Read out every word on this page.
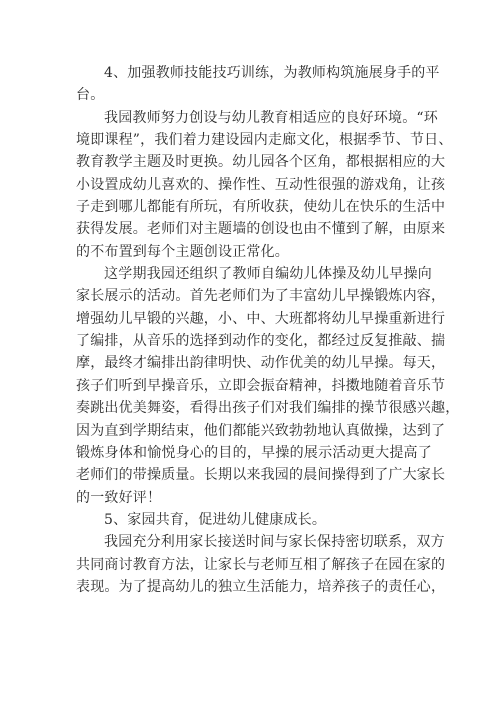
4、加强教师技能技巧训练，为教师构筑施展身手的平
台。
我园教师努力创设与幼儿教育相适应的良好环境。“环
境即课程”，我们着力建设园内走廊文化，根据季节、节日、
教育教学主题及时更换。幼儿园各个区角，都根据相应的大
小设置成幼儿喜欢的、操作性、互动性很强的游戏角，让孩
子走到哪儿都能有所玩，有所收获，使幼儿在快乐的生活中
获得发展。老师们对主题墙的创设也由不懂到了解，由原来
的不布置到每个主题创设正常化。
这学期我园还组织了教师自编幼儿体操及幼儿早操向
家长展示的活动。首先老师们为了丰富幼儿早操锻炼内容，
增强幼儿早锻的兴趣，小、中、大班都将幼儿早操重新进行
了编排，从音乐的选择到动作的变化，都经过反复推敲、揣
摩，最终才编排出韵律明快、动作优美的幼儿早操。每天，
孩子们听到早操音乐，立即会振奋精神，抖擞地随着音乐节
奏跳出优美舞姿，看得出孩子们对我们编排的操节很感兴趣，
因为直到学期结束，他们都能兴致勃勃地认真做操，达到了
锻炼身体和愉悦身心的目的，早操的展示活动更大提高了
老师们的带操质量。长期以来我园的晨间操得到了广大家长
的一致好评！
5、家园共育，促进幼儿健康成长。
我园充分利用家长接送时间与家长保持密切联系，双方
共同商讨教育方法，让家长与老师互相了解孩子在园在家的
表现。为了提高幼儿的独立生活能力，培养孩子的责任心，
